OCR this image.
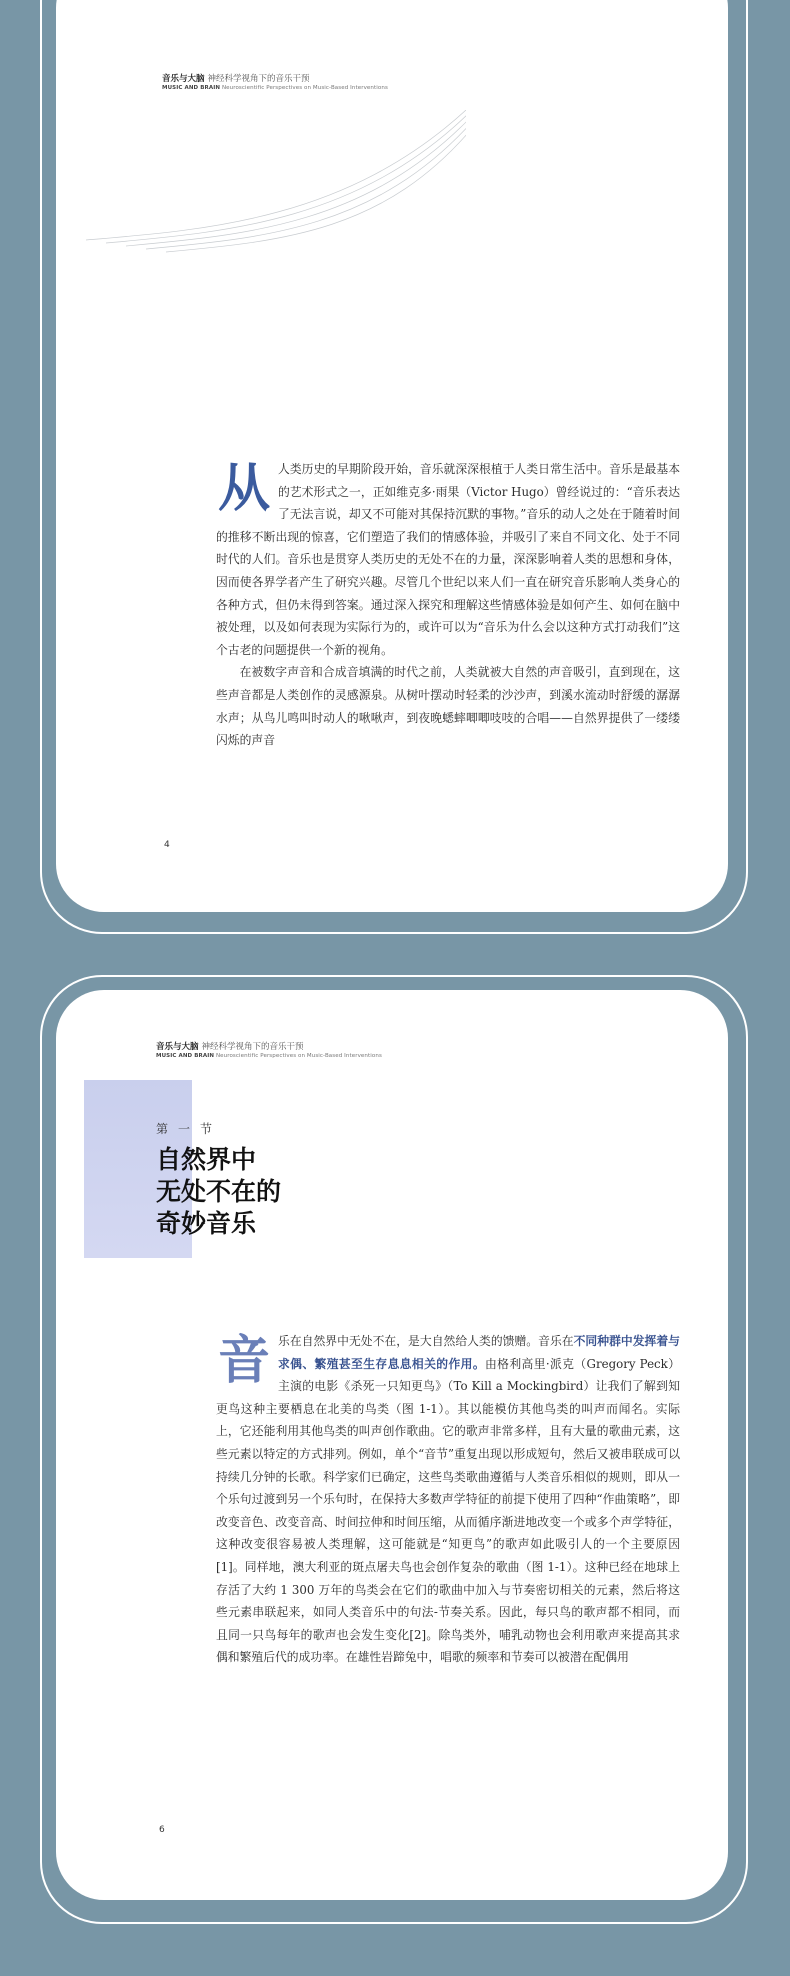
音乐与大脑 神经科学视角下的音乐干预
MUSIC AND BRAIN Neuroscientific Perspectives on Music-Based Interventions
从 人类历史的早期阶段开始，音乐就深深根植于人类日常生活中。音乐是最基本的艺术形式之一，正如维克多·雨果（Victor Hugo）曾经说过的：“音乐表达了无法言说，却又不可能对其保持沉默的事物。”音乐的动人之处在于随着时间的推移不断出现的惊喜，它们塑造了我们的情感体验，并吸引了来自不同文化、处于不同时代的人们。音乐也是贯穿人类历史的无处不在的力量，深深影响着人类的思想和身体，因而使各界学者产生了研究兴趣。尽管几个世纪以来人们一直在研究音乐影响人类身心的各种方式，但仍未得到答案。通过深入探究和理解这些情感体验是如何产生、如何在脑中被处理，以及如何表现为实际行为的，或许可以为“音乐为什么会以这种方式打动我们”这个古老的问题提供一个新的视角。

在被数字声音和合成音填满的时代之前，人类就被大自然的声音吸引，直到现在，这些声音都是人类创作的灵感源泉。从树叶摆动时轻柔的沙沙声，到溪水流动时舒缓的潺潺水声；从鸟儿鸣叫时动人的啾啾声，到夜晚蟋蟀唧唧吱吱的合唱——自然界提供了一缕缕闪烁的声音

4
音乐与大脑 神经科学视角下的音乐干预
MUSIC AND BRAIN Neuroscientific Perspectives on Music-Based Interventions
第一节
自然界中
无处不在的
奇妙音乐
音 乐在自然界中无处不在，是大自然给人类的馈赠。音乐在不同种群中发挥着与求偶、繁殖甚至生存息息相关的作用。由格利高里·派克（Gregory Peck）主演的电影《杀死一只知更鸟》（To Kill a Mockingbird）让我们了解到知更鸟这种主要栖息在北美的鸟类（图 1-1）。其以能模仿其他鸟类的叫声而闻名。实际上，它还能利用其他鸟类的叫声创作歌曲。它的歌声非常多样，且有大量的歌曲元素，这些元素以特定的方式排列。例如，单个“音节”重复出现以形成短句，然后又被串联成可以持续几分钟的长歌。科学家们已确定，这些鸟类歌曲遵循与人类音乐相似的规则，即从一个乐句过渡到另一个乐句时，在保持大多数声学特征的前提下使用了四种“作曲策略”，即改变音色、改变音高、时间拉伸和时间压缩，从而循序渐进地改变一个或多个声学特征，这种改变很容易被人类理解，这可能就是“知更鸟”的歌声如此吸引人的一个主要原因[1]。同样地，澳大利亚的斑点屠夫鸟也会创作复杂的歌曲（图 1-1）。这种已经在地球上存活了大约 1 300 万年的鸟类会在它们的歌曲中加入与节奏密切相关的元素，然后将这些元素串联起来，如同人类音乐中的句法-节奏关系。因此，每只鸟的歌声都不相同，而且同一只鸟每年的歌声也会发生变化[2]。除鸟类外，哺乳动物也会利用歌声来提高其求偶和繁殖后代的成功率。在雄性岩蹄兔中，唱歌的频率和节奏可以被潜在配偶用

6
